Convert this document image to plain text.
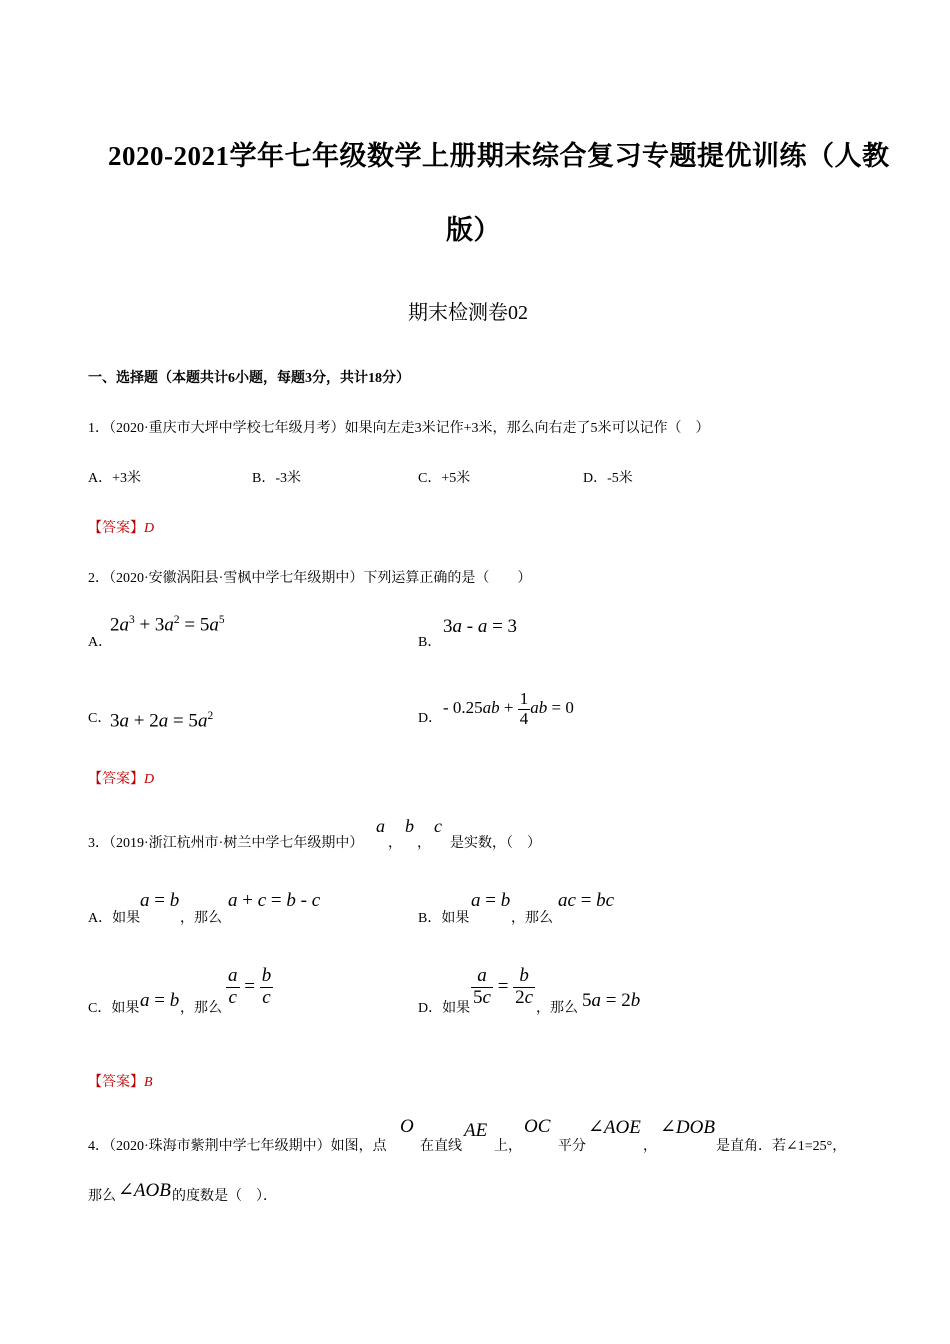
2020-2021学年七年级数学上册期末综合复习专题提优训练（人教
版）
期末检测卷02
一、选择题（本题共计6小题，每题3分，共计18分）
1．（2020·重庆市大坪中学校七年级月考）如果向左走3米记作+3米，那么向右走了5米可以记作（　）
A．+3米	B．-3米	C．+5米	D．-5米
【答案】D
2．（2020·安徽涡阳县·雪枫中学七年级期中）下列运算正确的是（　　）
A．
$2a^3 + 3a^2 = 5a^5$
B．
3a - a = 3
C．
$3a + 2a = 5a^2$	D．
- $0.25ab + \frac{1}{4}$ ab = 0
【答案】D
3．（2019·浙江杭州市·树兰中学七年级期中）
a
，
b
，
c
是实数，（　）
A．如果
a = b
，那么
a + c = b - c
B．如果
a = b
，那么
ac = bc
C．如果 a = b ，那么 $\frac{a}{c} = \frac{b}{c}$	D．如果 $\frac{a}{5c} = \frac{b}{2c}$ ，那么 5a = 2b
【答案】B
4．（2020·珠海市紫荆中学七年级期中）如图，点
O
在直线
AE
上，
OC
平分
∠AOE
，
∠DOB
是直角．若∠1=25°，
那么 ∠AOB 的度数是（　）．
